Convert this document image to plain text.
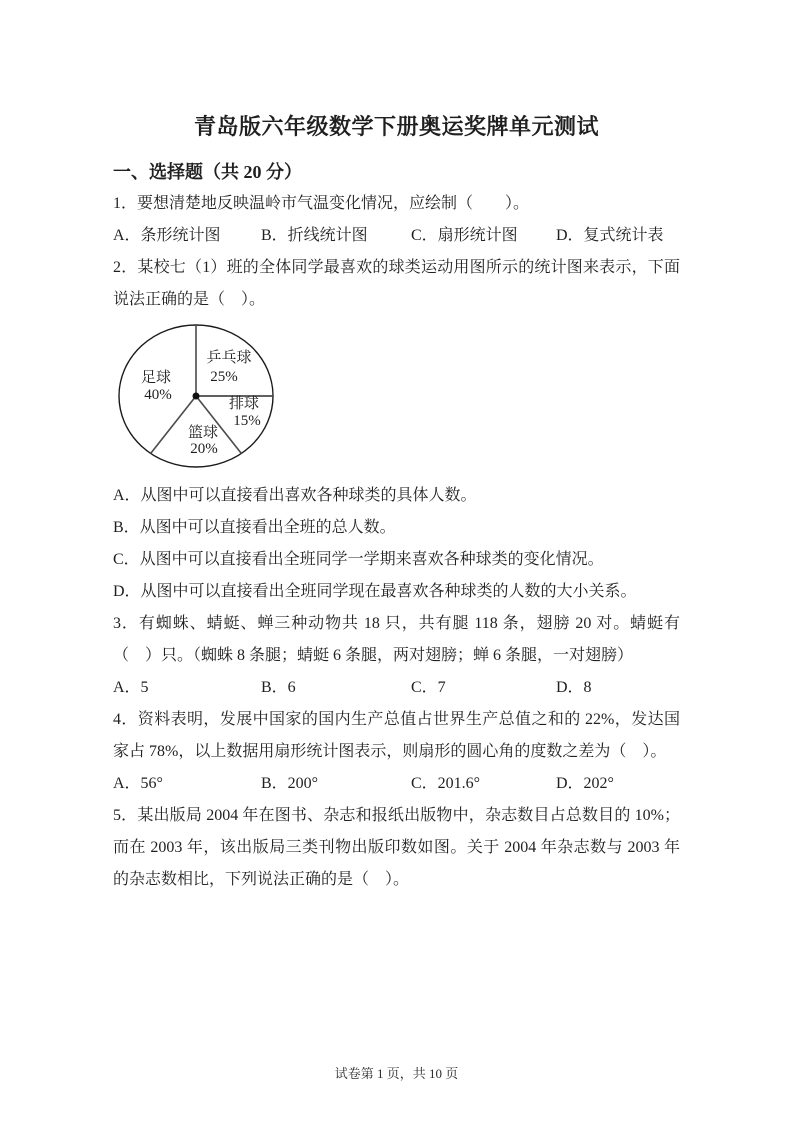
青岛版六年级数学下册奥运奖牌单元测试
一、选择题（共 20 分）

1．要想清楚地反映温岭市气温变化情况，应绘制（　　）。

A．条形统计图	B．折线统计图	C．扇形统计图	D．复式统计表

2．某校七（1）班的全体同学最喜欢的球类运动用图所示的统计图来表示，下面说法正确的是（　）。

乒乓球
25%
排球
15%
篮球
20%
足球
40%

A．从图中可以直接看出喜欢各种球类的具体人数。

B．从图中可以直接看出全班的总人数。

C．从图中可以直接看出全班同学一学期来喜欢各种球类的变化情况。

D．从图中可以直接看出全班同学现在最喜欢各种球类的人数的大小关系。

3．有蜘蛛、蜻蜓、蝉三种动物共 18 只，共有腿 118 条，翅膀 20 对。蜻蜓有（　）只。（蜘蛛 8 条腿；蜻蜓 6 条腿，两对翅膀；蝉 6 条腿，一对翅膀）

A．5	B．6	C．7	D．8

4．资料表明，发展中国家的国内生产总值占世界生产总值之和的 22%，发达国家占 78%，以上数据用扇形统计图表示，则扇形的圆心角的度数之差为（　）。

A．56°	B．200°	C．201.6°	D．202°

5．某出版局 2004 年在图书、杂志和报纸出版物中，杂志数目占总数目的 10%；而在 2003 年，该出版局三类刊物出版印数如图。关于 2004 年杂志数与 2003 年的杂志数相比，下列说法正确的是（　）。

试卷第 1 页，共 10 页
